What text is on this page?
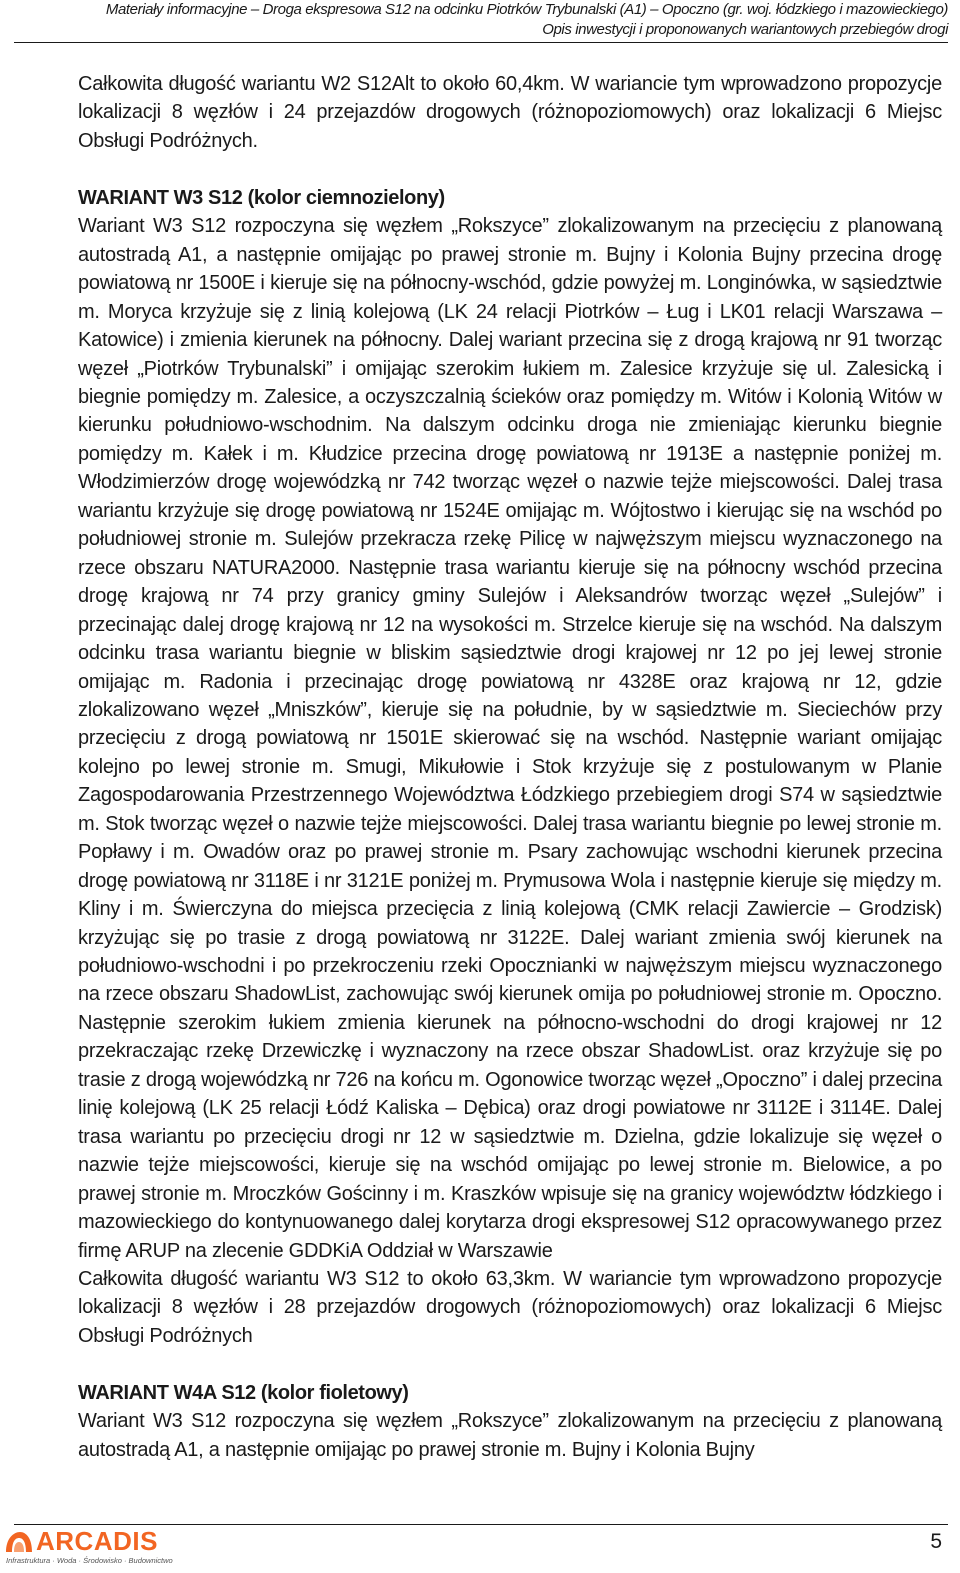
Materiały informacyjne – Droga ekspresowa S12 na odcinku Piotrków Trybunalski (A1) – Opoczno (gr. woj. łódzkiego i mazowieckiego)
Opis inwestycji i proponowanych wariantowych przebiegów drogi

Całkowita długość wariantu W2 S12Alt to około 60,4km. W wariancie tym wprowadzono propozycje lokalizacji 8 węzłów i 24 przejazdów drogowych (różnopoziomowych) oraz lokalizacji 6 Miejsc Obsługi Podróżnych.

WARIANT W3 S12 (kolor ciemnozielony)

Wariant W3 S12 rozpoczyna się węzłem „Rokszyce” zlokalizowanym na przecięciu z planowaną autostradą A1, a następnie omijając po prawej stronie m. Bujny i Kolonia Bujny przecina drogę powiatową nr 1500E i kieruje się na północny-wschód, gdzie powyżej m. Longinówka, w sąsiedztwie m. Moryca krzyżuje się z linią kolejową (LK 24 relacji Piotrków – Ług i LK01 relacji Warszawa – Katowice) i zmienia kierunek na północny. Dalej wariant przecina się z drogą krajową nr 91 tworząc węzeł „Piotrków Trybunalski” i omijając szerokim łukiem m. Zalesice krzyżuje się ul. Zalesicką i biegnie pomiędzy m. Zalesice, a oczyszczalnią ścieków oraz pomiędzy m. Witów i Kolonią Witów w kierunku południowo-wschodnim. Na dalszym odcinku droga nie zmieniając kierunku biegnie pomiędzy m. Kałek i m. Kłudzice przecina drogę powiatową nr 1913E a następnie poniżej m. Włodzimierzów drogę wojewódzką nr 742 tworząc węzeł o nazwie tejże miejscowości. Dalej trasa wariantu krzyżuje się drogę powiatową nr 1524E omijając m. Wójtostwo i kierując się na wschód po południowej stronie m. Sulejów przekracza rzekę Pilicę w najwęższym miejscu wyznaczonego na rzece obszaru NATURA2000. Następnie trasa wariantu kieruje się na północny wschód przecina drogę krajową nr 74 przy granicy gminy Sulejów i Aleksandrów tworząc węzeł „Sulejów” i przecinając dalej drogę krajową nr 12 na wysokości m. Strzelce kieruje się na wschód. Na dalszym odcinku trasa wariantu biegnie w bliskim sąsiedztwie drogi krajowej nr 12 po jej lewej stronie omijając m. Radonia i przecinając drogę powiatową nr 4328E oraz krajową nr 12, gdzie zlokalizowano węzeł „Mniszków”, kieruje się na południe, by w sąsiedztwie m. Sieciechów przy przecięciu z drogą powiatową nr 1501E skierować się na wschód. Następnie wariant omijając kolejno po lewej stronie m. Smugi, Mikułowie i Stok krzyżuje się z postulowanym w Planie Zagospodarowania Przestrzennego Województwa Łódzkiego przebiegiem drogi S74 w sąsiedztwie m. Stok tworząc węzeł o nazwie tejże miejscowości. Dalej trasa wariantu biegnie po lewej stronie m. Popławy i m. Owadów oraz po prawej stronie m. Psary zachowując wschodni kierunek przecina drogę powiatową nr 3118E i nr 3121E poniżej m. Prymusowa Wola i następnie kieruje się między m. Kliny i m. Świerczyna do miejsca przecięcia z linią kolejową (CMK relacji Zawiercie – Grodzisk) krzyżując się po trasie z drogą powiatową nr 3122E. Dalej wariant zmienia swój kierunek na południowo-wschodni i po przekroczeniu rzeki Opocznianki w najwęższym miejscu wyznaczonego na rzece obszaru ShadowList, zachowując swój kierunek omija po południowej stronie m. Opoczno. Następnie szerokim łukiem zmienia kierunek na północno-wschodni do drogi krajowej nr 12 przekraczając rzekę Drzewiczkę i wyznaczony na rzece obszar ShadowList. oraz krzyżuje się po trasie z drogą wojewódzką nr 726 na końcu m. Ogonowice tworząc węzeł „Opoczno” i dalej przecina linię kolejową (LK 25 relacji Łódź Kaliska – Dębica) oraz drogi powiatowe nr 3112E i 3114E. Dalej trasa wariantu po przecięciu drogi nr 12 w sąsiedztwie m. Dzielna, gdzie lokalizuje się węzeł o nazwie tejże miejscowości, kieruje się na wschód omijając po lewej stronie m. Bielowice, a po prawej stronie m. Mroczków Gościnny i m. Kraszków wpisuje się na granicy województw łódzkiego i mazowieckiego do kontynuowanego dalej korytarza drogi ekspresowej S12 opracowywanego przez firmę ARUP na zlecenie GDDKiA Oddział w Warszawie

Całkowita długość wariantu W3 S12 to około 63,3km. W wariancie tym wprowadzono propozycje lokalizacji 8 węzłów i 28 przejazdów drogowych (różnopoziomowych) oraz lokalizacji 6 Miejsc Obsługi Podróżnych

WARIANT W4A S12 (kolor fioletowy)

Wariant W3 S12 rozpoczyna się węzłem „Rokszyce” zlokalizowanym na przecięciu z planowaną autostradą A1, a następnie omijając po prawej stronie m. Bujny i Kolonia Bujny

ARCADIS
Infrastruktura · Woda · Środowisko · Budownictwo
5
